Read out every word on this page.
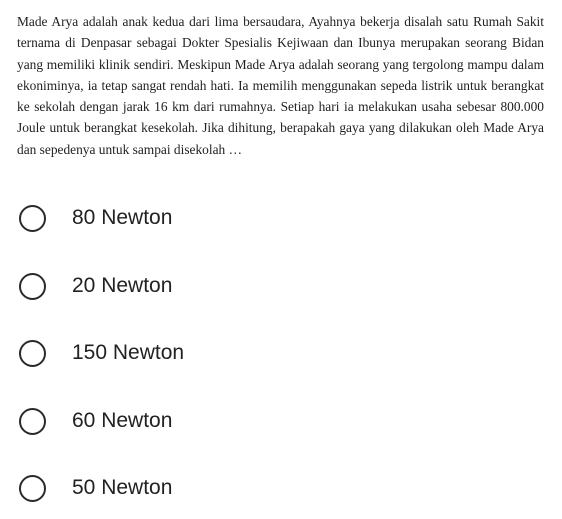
Made Arya adalah anak kedua dari lima bersaudara, Ayahnya bekerja disalah satu Rumah Sakit ternama di Denpasar sebagai Dokter Spesialis Kejiwaan dan Ibunya merupakan seorang Bidan yang memiliki klinik sendiri. Meskipun Made Arya adalah seorang yang tergolong mampu dalam ekoniminya, ia tetap sangat rendah hati. Ia memilih menggunakan sepeda listrik untuk berangkat ke sekolah dengan jarak 16 km dari rumahnya. Setiap hari ia melakukan usaha sebesar 800.000 Joule untuk berangkat kesekolah. Jika dihitung, berapakah gaya yang dilakukan oleh Made Arya dan sepedenya untuk sampai disekolah …

80 Newton
20 Newton
150 Newton
60 Newton
50 Newton
